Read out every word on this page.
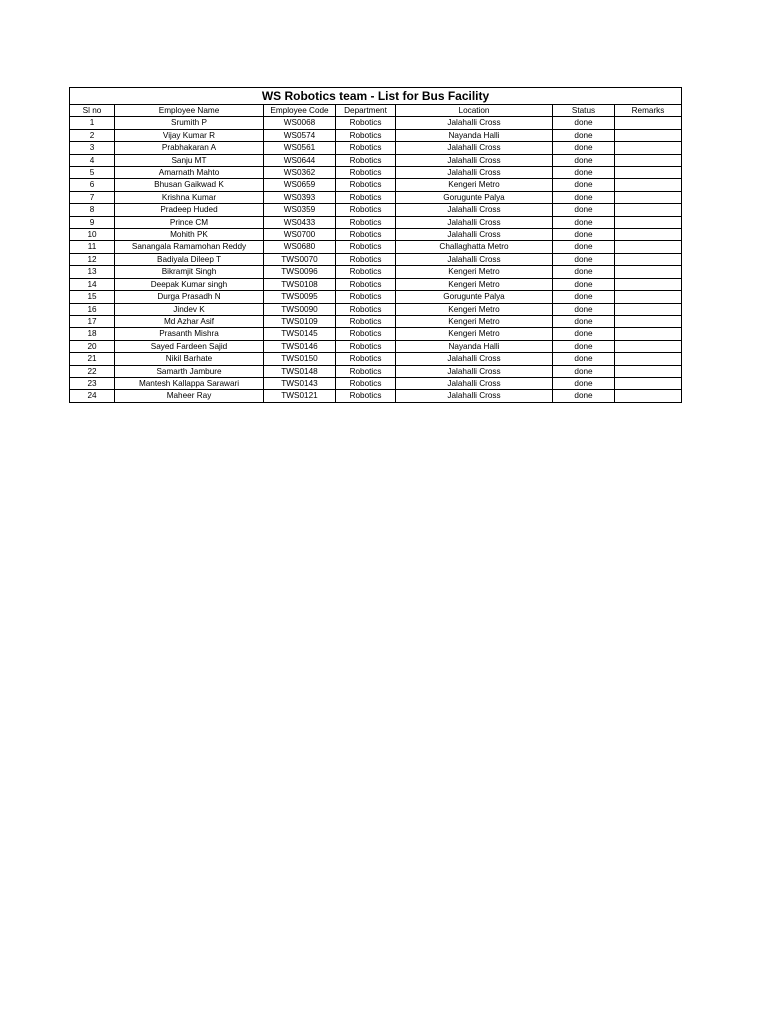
WS Robotics team - List for Bus Facility						
Sl no	Employee Name	Employee Code	Department	Location	Status	Remarks
1	Srumith P	WS0068	Robotics	Jalahalli Cross	done	
2	Vijay Kumar R	WS0574	Robotics	Nayanda Halli	done	
3	Prabhakaran A	WS0561	Robotics	Jalahalli Cross	done	
4	Sanju MT	WS0644	Robotics	Jalahalli Cross	done	
5	Amarnath Mahto	WS0362	Robotics	Jalahalli Cross	done	
6	Bhusan Gaikwad K	WS0659	Robotics	Kengeri Metro	done	
7	Krishna Kumar	WS0393	Robotics	Gorugunte Palya	done	
8	Pradeep Huded	WS0359	Robotics	Jalahalli Cross	done	
9	Prince CM	WS0433	Robotics	Jalahalli Cross	done	
10	Mohith PK	WS0700	Robotics	Jalahalli Cross	done	
11	Sanangala Ramamohan Reddy	WS0680	Robotics	Challaghatta Metro	done	
12	Badiyala Dileep T	TWS0070	Robotics	Jalahalli Cross	done	
13	Bikramjit Singh	TWS0096	Robotics	Kengeri Metro	done	
14	Deepak Kumar singh	TWS0108	Robotics	Kengeri Metro	done	
15	Durga Prasadh N	TWS0095	Robotics	Gorugunte Palya	done	
16	Jindev K	TWS0090	Robotics	Kengeri Metro	done	
17	Md Azhar Asif	TWS0109	Robotics	Kengeri Metro	done	
18	Prasanth Mishra	TWS0145	Robotics	Kengeri Metro	done	
20	Sayed Fardeen Sajid	TWS0146	Robotics	Nayanda Halli	done	
21	Nikil Barhate	TWS0150	Robotics	Jalahalli Cross	done	
22	Samarth Jambure	TWS0148	Robotics	Jalahalli Cross	done	
23	Mantesh Kallappa Sarawari	TWS0143	Robotics	Jalahalli Cross	done	
24	Maheer Ray	TWS0121	Robotics	Jalahalli Cross	done	
